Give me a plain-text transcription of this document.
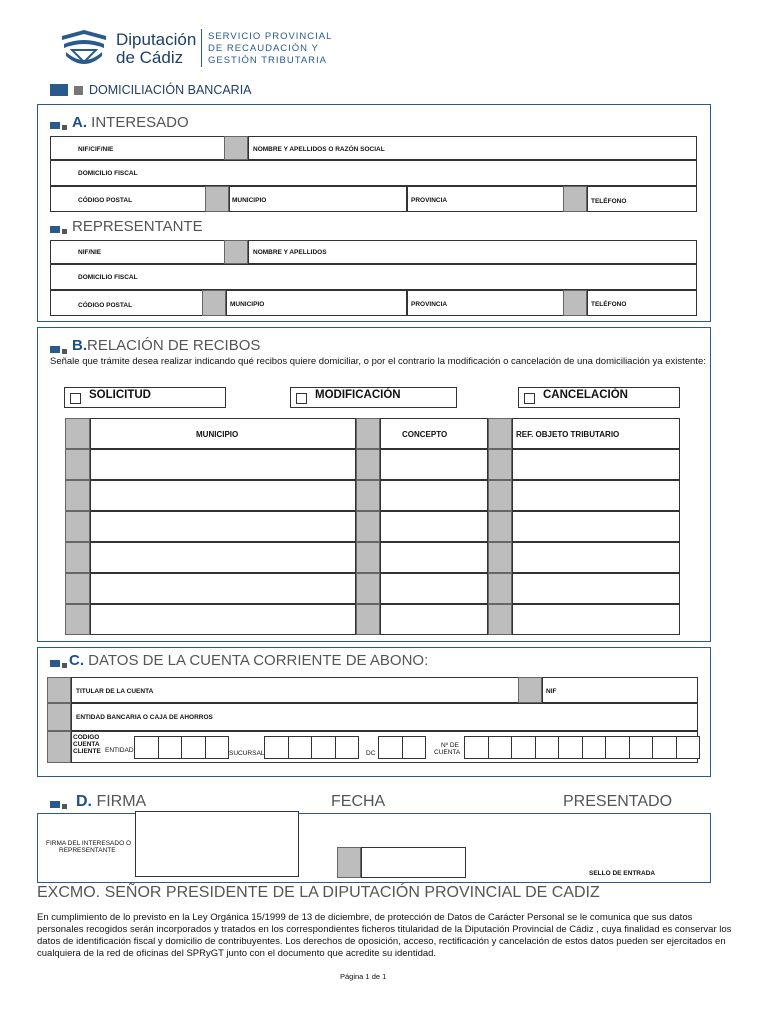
Diputación
de Cádiz
SERVICIO PROVINCIAL
DE RECAUDACIÓN Y
GESTIÓN TRIBUTARIA
DOMICILIACIÓN BANCARIA
A. INTERESADO
NIF/CIF/NIE	NOMBRE Y APELLIDOS O RAZÓN SOCIAL
DOMICILIO FISCAL
CÓDIGO POSTAL	MUNICIPIO	PROVINCIA	TELÉFONO
REPRESENTANTE
NIF/NIE	NOMBRE Y APELLIDOS
DOMICILIO FISCAL
CÓDIGO POSTAL	MUNICIPIO	PROVINCIA	TELÉFONO
B.RELACIÓN DE RECIBOS
Señale que trámite desea realizar indicando qué recibos quiere domiciliar, o por el contrario la modificación o cancelación de una domiciliación ya existente:
SOLICITUD	MODIFICACIÓN	CANCELACIÓN
MUNICIPIO	CONCEPTO	REF. OBJETO TRIBUTARIO
C. DATOS DE LA CUENTA CORRIENTE DE ABONO:
TITULAR DE LA CUENTA	NIF
ENTIDAD BANCARIA O CAJA DE AHORROS
CODIGO
CUENTA
CLIENTE ENTIDAD	SUCURSAL	DC
Nº DE
CUENTA
D. FIRMA	FECHA	PRESENTADO
FIRMA DEL INTERESADO O
REPRESENTANTE
SELLO DE ENTRADA
EXCMO. SEÑOR PRESIDENTE DE LA DIPUTACIÓN PROVINCIAL DE CADIZ
En cumplimiento de lo previsto en la Ley Orgánica 15/1999 de 13 de diciembre, de protección de Datos de Carácter Personal se le comunica que sus datos personales recogidos serán incorporados y tratados en los correspondientes ficheros titularidad de la Diputación Provincial de Cádiz , cuya finalidad es conservar los datos de identificación fiscal y domicilio de contribuyentes. Los derechos de oposición, acceso, rectificación y cancelación de estos datos pueden ser ejercitados en cualquiera de la red de oficinas del SPRyGT junto con el documento que acredite su identidad.
Página 1 de 1
